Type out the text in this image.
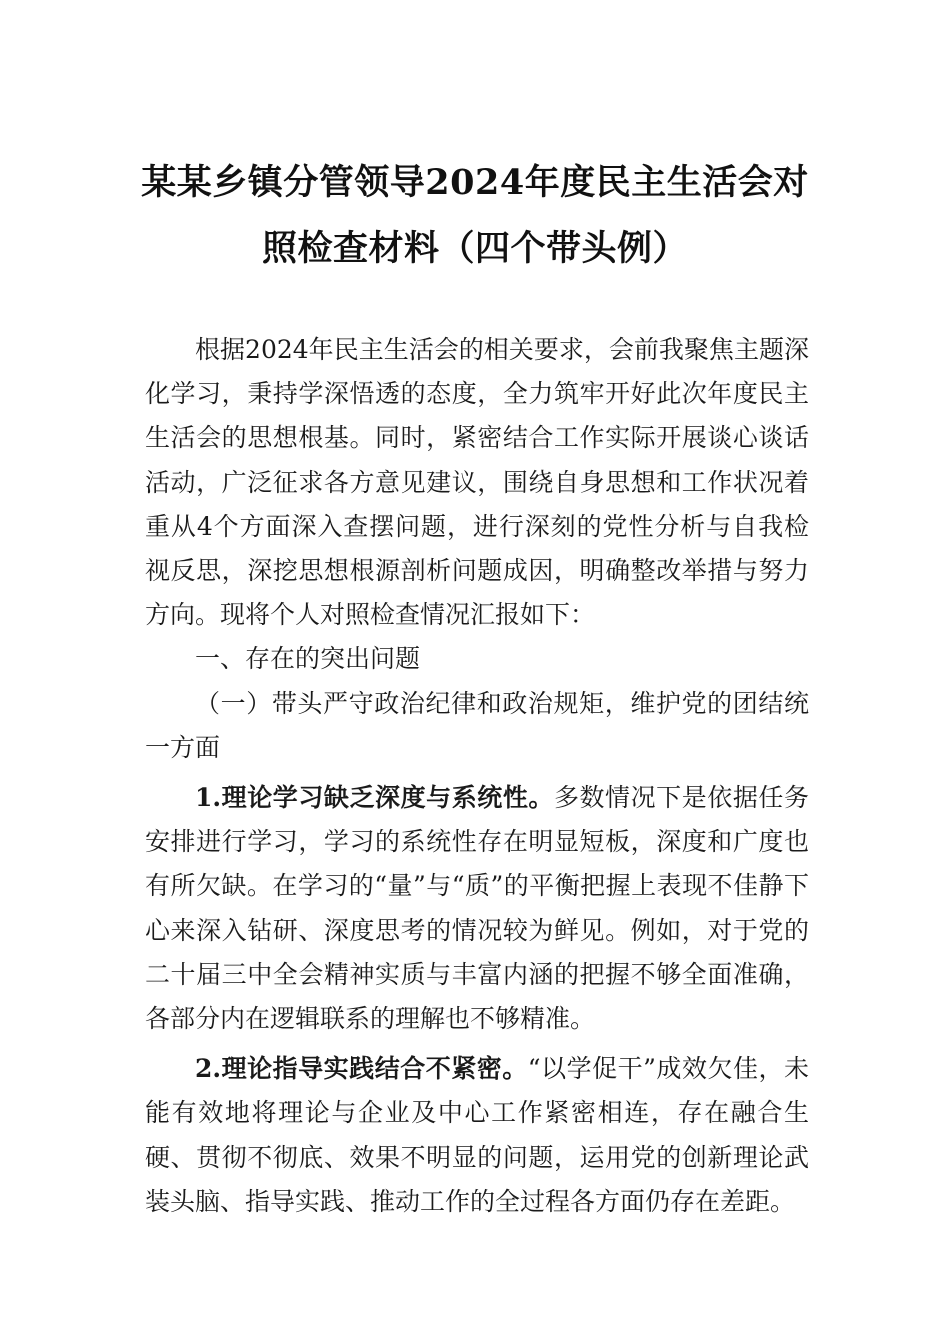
某某乡镇分管领导2024年度民主生活会对
照检查材料（四个带头例）

根据2024年民主生活会的相关要求，会前我聚焦主题深化学习，秉持学深悟透的态度，全力筑牢开好此次年度民主生活会的思想根基。同时，紧密结合工作实际开展谈心谈话活动，广泛征求各方意见建议，围绕自身思想和工作状况着重从4个方面深入查摆问题，进行深刻的党性分析与自我检视反思，深挖思想根源剖析问题成因，明确整改举措与努力方向。现将个人对照检查情况汇报如下：

一、存在的突出问题

（一）带头严守政治纪律和政治规矩，维护党的团结统一方面

1.理论学习缺乏深度与系统性。多数情况下是依据任务安排进行学习，学习的系统性存在明显短板，深度和广度也有所欠缺。在学习的“量”与“质”的平衡把握上表现不佳静下心来深入钻研、深度思考的情况较为鲜见。例如，对于党的二十届三中全会精神实质与丰富内涵的把握不够全面准确，各部分内在逻辑联系的理解也不够精准。

2.理论指导实践结合不紧密。“以学促干”成效欠佳，未能有效地将理论与企业及中心工作紧密相连，存在融合生硬、贯彻不彻底、效果不明显的问题，运用党的创新理论武装头脑、指导实践、推动工作的全过程各方面仍存在差距。
